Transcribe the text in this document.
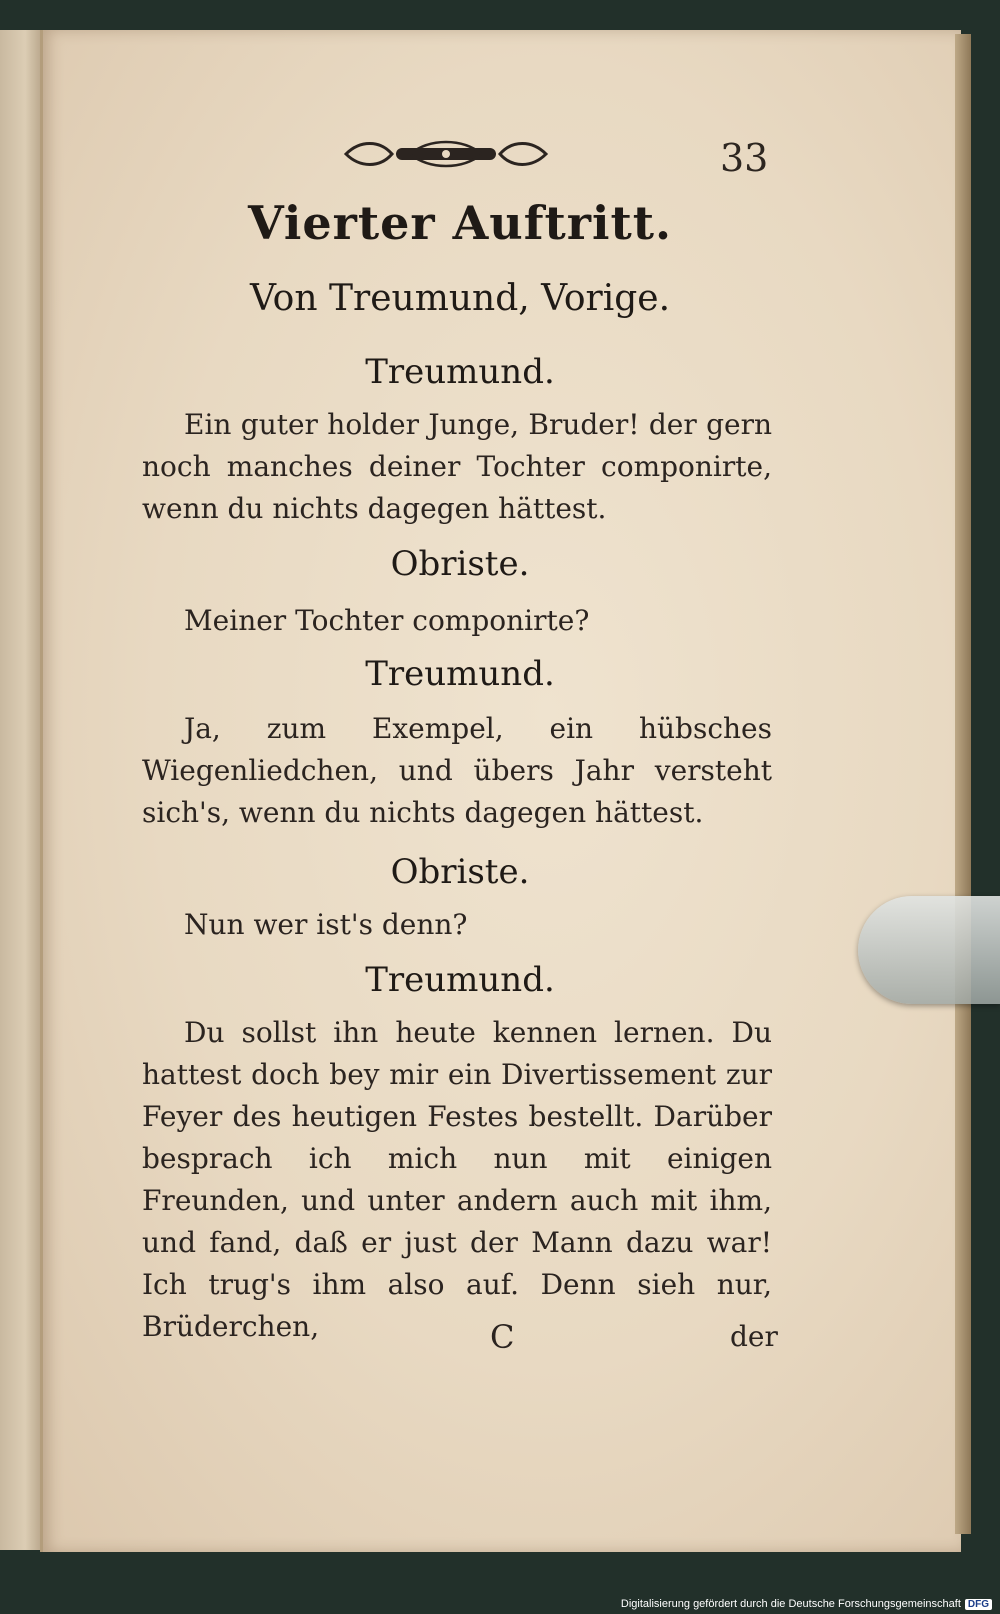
33
Vierter Auftritt.
Von Treumund, Vorige.
Treumund.
Ein guter holder Junge, Bruder! der gern noch manches deiner Tochter componirte, wenn du nichts dagegen hättest.
Obriste.
Meiner Tochter componirte?
Treumund.
Ja, zum Exempel, ein hübsches Wiegenliedchen, und übers Jahr versteht sich's, wenn du nichts dagegen hättest.
Obriste.
Nun wer ist's denn?
Treumund.
Du sollst ihn heute kennen lernen. Du hattest doch bey mir ein Divertissement zur Feyer des heutigen Festes bestellt. Darüber besprach ich mich nun mit einigen Freunden, und unter andern auch mit ihm, und fand, daß er just der Mann dazu war! Ich trug's ihm also auf. Denn sieh nur, Brüderchen,	C	der
Digitalisierung gefördert durch die Deutsche Forschungsgemeinschaft DFG
